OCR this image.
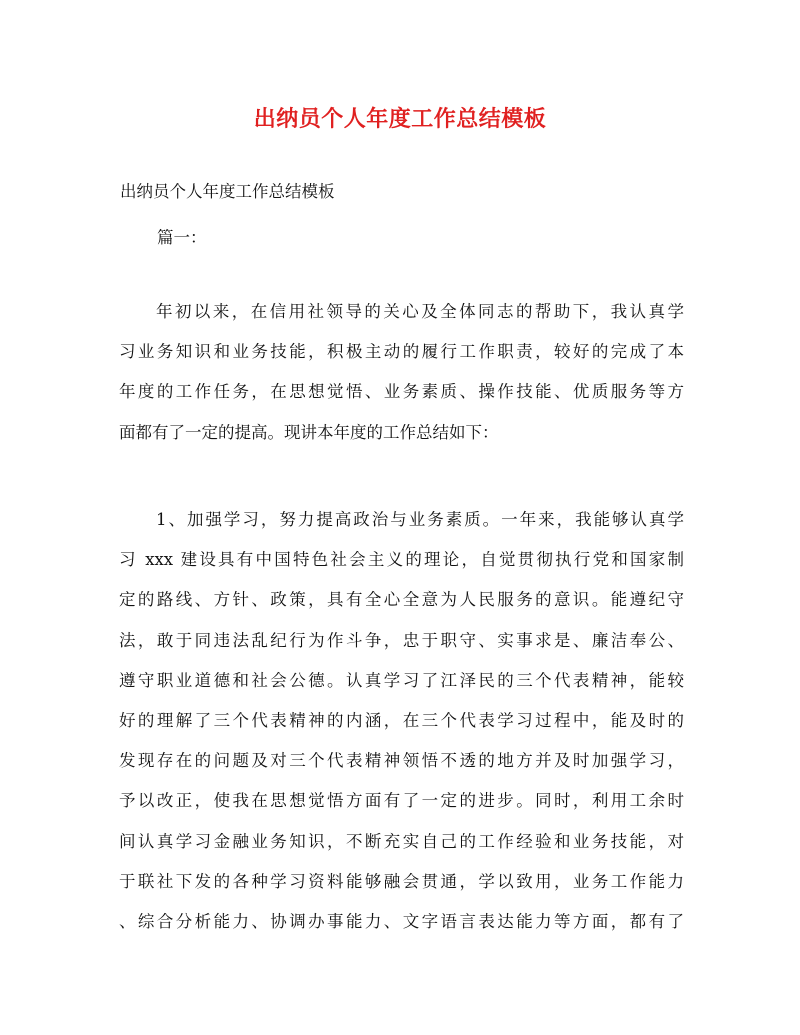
出纳员个人年度工作总结模板
出纳员个人年度工作总结模板
篇一：

年初以来，在信用社领导的关心及全体同志的帮助下，我认真学
习业务知识和业务技能，积极主动的履行工作职责，较好的完成了本
年度的工作任务，在思想觉悟、业务素质、操作技能、优质服务等方
面都有了一定的提高。现讲本年度的工作总结如下：

1、加强学习，努力提高政治与业务素质。一年来，我能够认真学
习 xxx 建设具有中国特色社会主义的理论，自觉贯彻执行党和国家制
定的路线、方针、政策，具有全心全意为人民服务的意识。能遵纪守
法，敢于同违法乱纪行为作斗争，忠于职守、实事求是、廉洁奉公、
遵守职业道德和社会公德。认真学习了江泽民的三个代表精神，能较
好的理解了三个代表精神的内涵，在三个代表学习过程中，能及时的
发现存在的问题及对三个代表精神领悟不透的地方并及时加强学习，
予以改正，使我在思想觉悟方面有了一定的进步。同时，利用工余时
间认真学习金融业务知识，不断充实自己的工作经验和业务技能，对
于联社下发的各种学习资料能够融会贯通，学以致用，业务工作能力
、综合分析能力、协调办事能力、文字语言表达能力等方面，都有了
